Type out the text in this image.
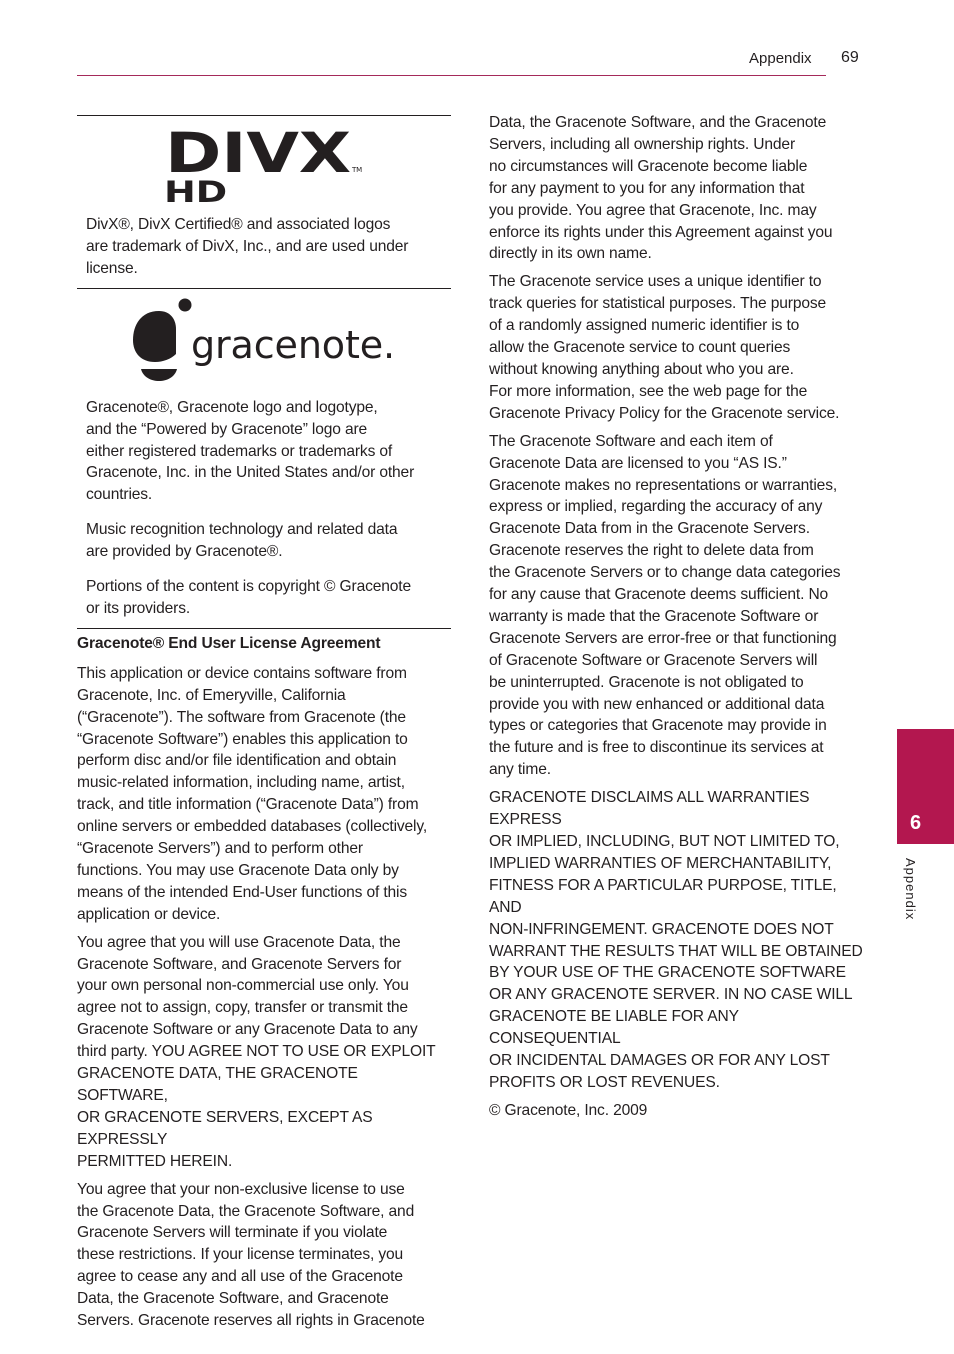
Appendix 69
DIVX
HD
TM
DivX®, DivX Certified® and associated logos
are trademark of DivX, Inc., and are used under
license.
gracenote.

Gracenote®, Gracenote logo and logotype,
and the “Powered by Gracenote” logo are
either registered trademarks or trademarks of
Gracenote, Inc. in the United States and/or other
countries.

Music recognition technology and related data
are provided by Gracenote®.

Portions of the content is copyright © Gracenote
or its providers.

Gracenote® End User License Agreement

This application or device contains software from
Gracenote, Inc. of Emeryville, California
(“Gracenote”). The software from Gracenote (the
“Gracenote Software”) enables this application to
perform disc and/or file identification and obtain
music-related information, including name, artist,
track, and title information (“Gracenote Data”) from
online servers or embedded databases (collectively,
“Gracenote Servers”) and to perform other
functions. You may use Gracenote Data only by
means of the intended End-User functions of this
application or device.

You agree that you will use Gracenote Data, the
Gracenote Software, and Gracenote Servers for
your own personal non-commercial use only. You
agree not to assign, copy, transfer or transmit the
Gracenote Software or any Gracenote Data to any
third party. YOU AGREE NOT TO USE OR EXPLOIT
GRACENOTE DATA, THE GRACENOTE SOFTWARE,
OR GRACENOTE SERVERS, EXCEPT AS EXPRESSLY
PERMITTED HEREIN.

You agree that your non-exclusive license to use
the Gracenote Data, the Gracenote Software, and
Gracenote Servers will terminate if you violate
these restrictions. If your license terminates, you
agree to cease any and all use of the Gracenote
Data, the Gracenote Software, and Gracenote
Servers. Gracenote reserves all rights in Gracenote

Data, the Gracenote Software, and the Gracenote
Servers, including all ownership rights. Under
no circumstances will Gracenote become liable
for any payment to you for any information that
you provide. You agree that Gracenote, Inc. may
enforce its rights under this Agreement against you
directly in its own name.

The Gracenote service uses a unique identifier to
track queries for statistical purposes. The purpose
of a randomly assigned numeric identifier is to
allow the Gracenote service to count queries
without knowing anything about who you are.
For more information, see the web page for the
Gracenote Privacy Policy for the Gracenote service.

The Gracenote Software and each item of
Gracenote Data are licensed to you “AS IS.”
Gracenote makes no representations or warranties,
express or implied, regarding the accuracy of any
Gracenote Data from in the Gracenote Servers.
Gracenote reserves the right to delete data from
the Gracenote Servers or to change data categories
for any cause that Gracenote deems sufficient. No
warranty is made that the Gracenote Software or
Gracenote Servers are error-free or that functioning
of Gracenote Software or Gracenote Servers will
be uninterrupted. Gracenote is not obligated to
provide you with new enhanced or additional data
types or categories that Gracenote may provide in
the future and is free to discontinue its services at
any time.

GRACENOTE DISCLAIMS ALL WARRANTIES EXPRESS
OR IMPLIED, INCLUDING, BUT NOT LIMITED TO,
IMPLIED WARRANTIES OF MERCHANTABILITY,
FITNESS FOR A PARTICULAR PURPOSE, TITLE, AND
NON-INFRINGEMENT. GRACENOTE DOES NOT
WARRANT THE RESULTS THAT WILL BE OBTAINED
BY YOUR USE OF THE GRACENOTE SOFTWARE
OR ANY GRACENOTE SERVER. IN NO CASE WILL
GRACENOTE BE LIABLE FOR ANY CONSEQUENTIAL
OR INCIDENTAL DAMAGES OR FOR ANY LOST
PROFITS OR LOST REVENUES.

© Gracenote, Inc. 2009

6
Appendix
